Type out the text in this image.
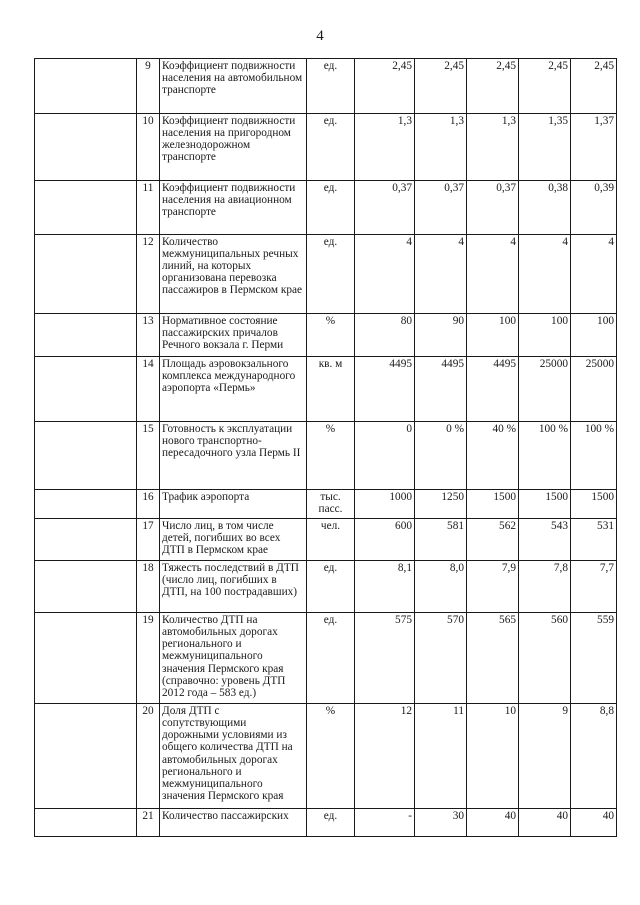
4
	9	Коэффициент подвижности населения на автомобильном транспорте	ед.	2,45	2,45	2,45	2,45	2,45
	10	Коэффициент подвижности населения на пригородном железнодорожном транспорте	ед.	1,3	1,3	1,3	1,35	1,37
	11	Коэффициент подвижности населения на авиационном транспорте	ед.	0,37	0,37	0,37	0,38	0,39
	12	Количество межмуниципальных речных линий, на которых организована перевозка пассажиров в Пермском крае	ед.	4	4	4	4	4
	13	Нормативное состояние пассажирских причалов Речного вокзала г. Перми	%	80	90	100	100	100
	14	Площадь аэровокзального комплекса международного аэропорта «Пермь»	кв. м	4495	4495	4495	25000	25000
	15	Готовность к эксплуатации нового транспортно-пересадочного узла Пермь II	%	0	0 %	40 %	100 %	100 %
	16	Трафик аэропорта	тыс. пасс.	1000	1250	1500	1500	1500
	17	Число лиц, в том числе детей, погибших во всех ДТП в Пермском крае	чел.	600	581	562	543	531
	18	Тяжесть последствий в ДТП (число лиц, погибших в ДТП, на 100 пострадавших)	ед.	8,1	8,0	7,9	7,8	7,7
	19	Количество ДТП на автомобильных дорогах регионального и межмуниципального значения Пермского края (справочно: уровень ДТП 2012 года – 583 ед.)	ед.	575	570	565	560	559
	20	Доля ДТП с сопутствующими дорожными условиями из общего количества ДТП на автомобильных дорогах регионального и межмуниципального значения Пермского края	%	12	11	10	9	8,8
	21	Количество пассажирских	ед.	-	30	40	40	40
